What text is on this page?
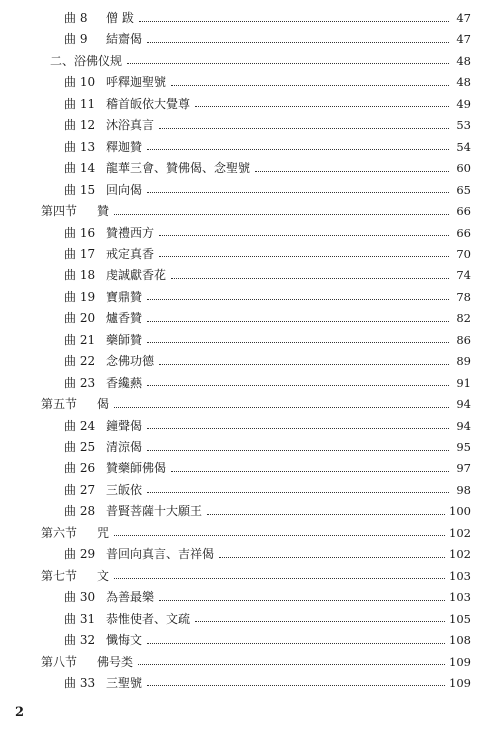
曲 8	僧 跋	47
曲 9	結齋偈	47
二、浴佛仪规	48
曲 10 呼釋迦聖號	48
曲 11 稽首皈依大覺尊	49
曲 12 沐浴真言	53
曲 13 釋迦贊	54
曲 14 龍華三會、贊佛偈、念聖號	60
曲 15 回向偈	65
第四节	贊	66
曲 16 贊禮西方	66
曲 17 戒定真香	70
曲 18 虔誠獻香花	74
曲 19 寶鼎贊	78
曲 20 爐香贊	82
曲 21 藥師贊	86
曲 22 念佛功德	89
曲 23 香纔爇	91
第五节	偈	94
曲 24 鐘聲偈	94
曲 25 清涼偈	95
曲 26 贊藥師佛偈	97
曲 27 三皈依	98
曲 28 普賢菩薩十大願王	100
第六节	咒	102
曲 29 普回向真言、吉祥偈	102
第七节	文	103
曲 30 為善最樂	103
曲 31 恭惟使者、文疏	105
曲 32 懺悔文	108
第八节	佛号类	109
曲 33 三聖號	109
2
